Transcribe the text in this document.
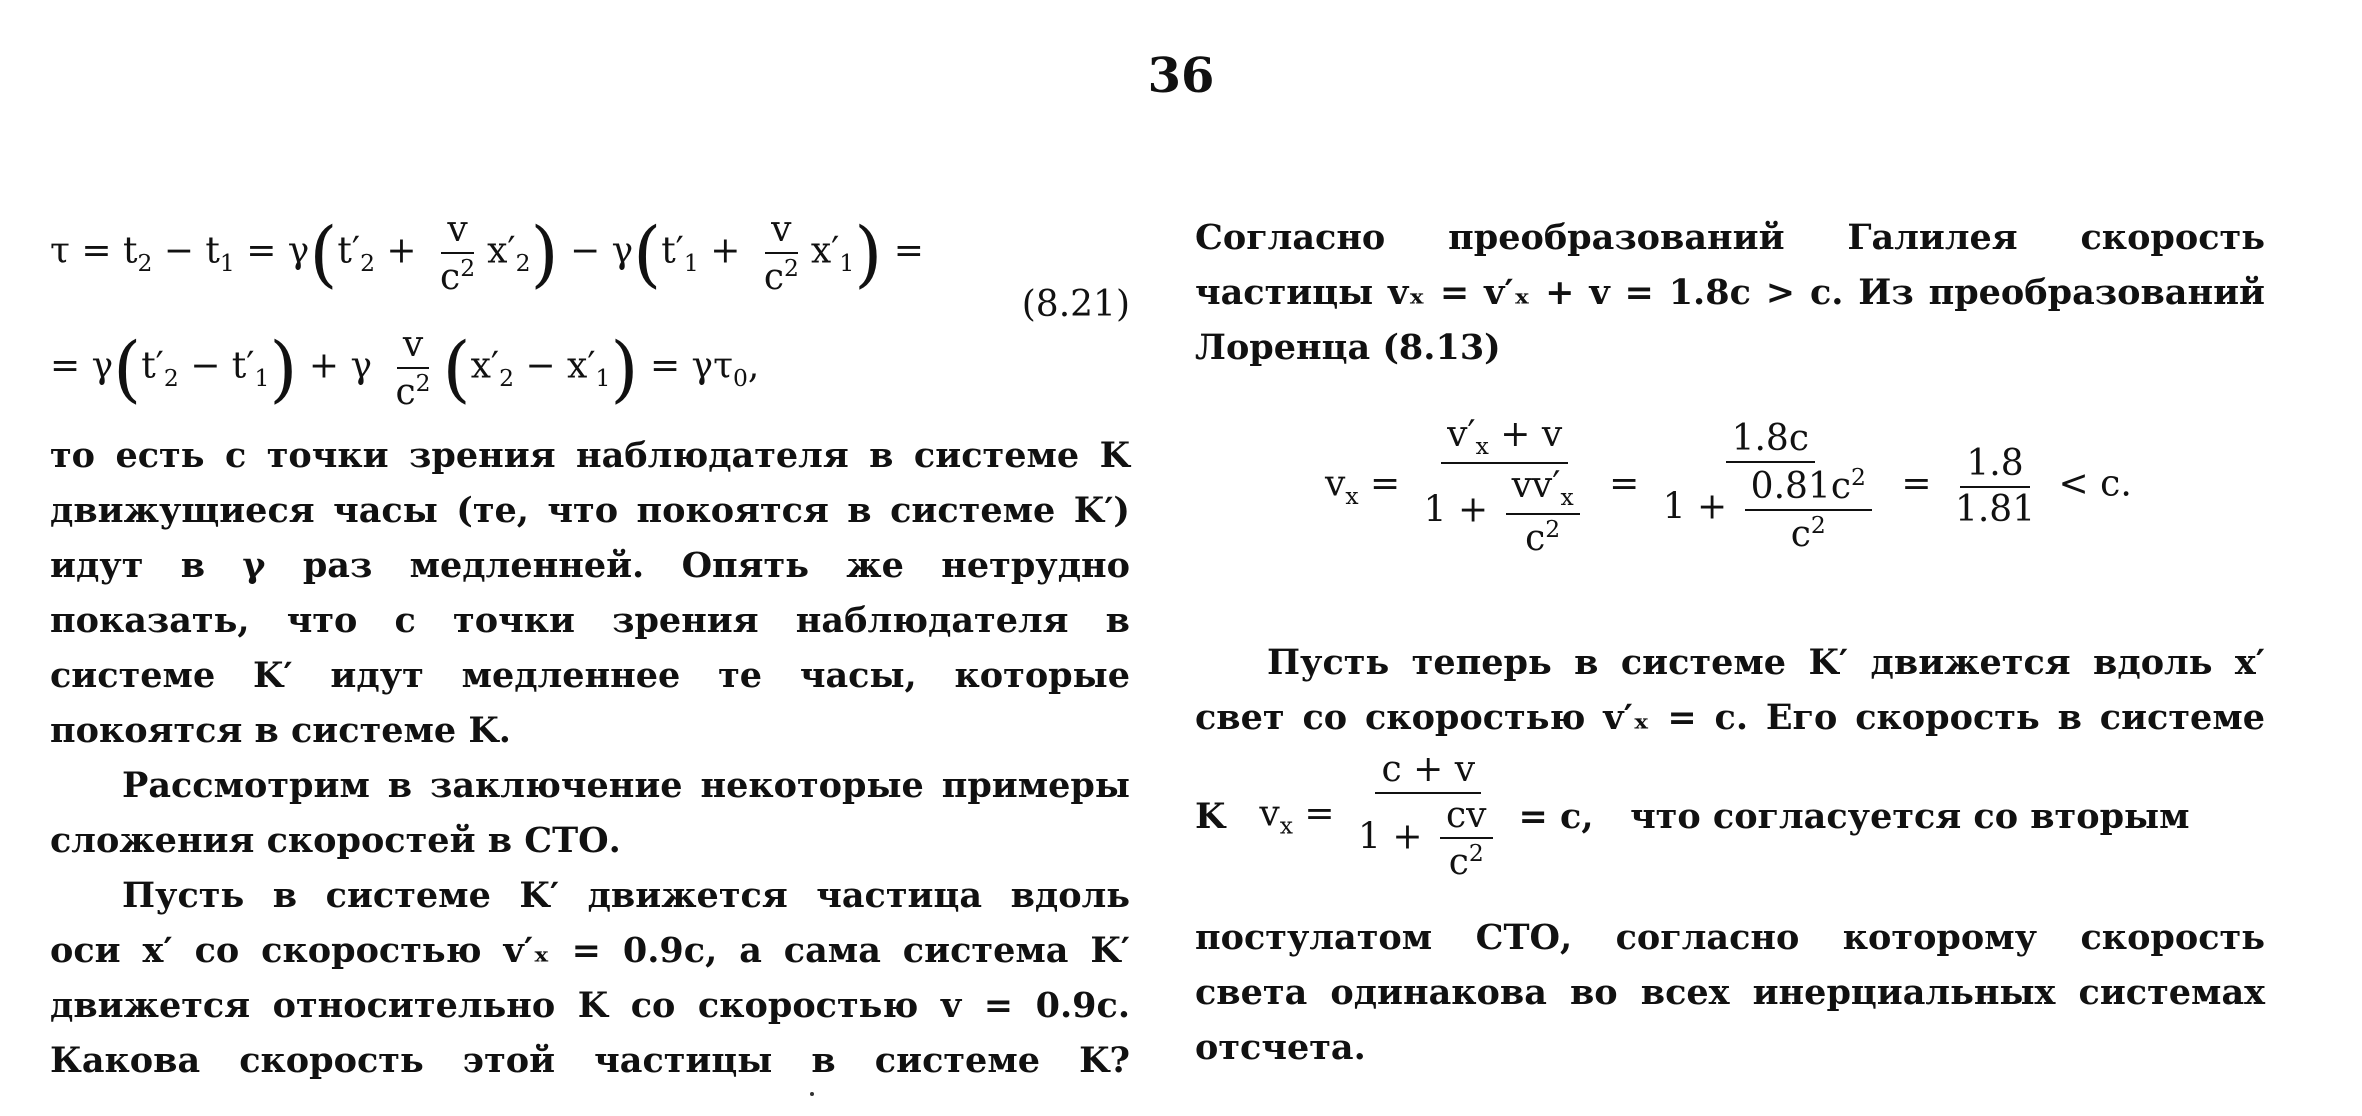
36
$\tau = t_2 - t_1 = \gamma(t'_2 + \frac{v}{c^2} x'_2) - \gamma(t'_1 + \frac{v}{c^2} x'_1)$ =
(8.21)
= $\gamma(t'_2 - t'_1) + \gamma \frac{v}{c^2} (x'_2 - x'_1) = \gamma\tau_0$,
то есть с точки зрения наблюдателя в системе K
движущиеся часы (те, что покоятся в системе K′)
идут в γ раз медленней. Опять же нетрудно
показать, что с точки зрения наблюдателя в
системе K′ идут медленнее те часы, которые
покоятся в системе K.
Рассмотрим в заключение некоторые примеры
сложения скоростей в СТО.
Пусть в системе K′ движется частица вдоль
оси x′ со скоростью v′ₓ = 0.9c, а сама система K′
движется относительно K со скоростью v = 0.9c.
Какова скорость этой частицы в системе K?
Согласно преобразований Галилея скорость
частицы vₓ = v′ₓ + v = 1.8c > c. Из преобразований
Лоренца (8.13)
$v_x = \frac{v'_x + v}{1 + \frac{vv'_x}{c^2}} = \frac{1.8c}{1 + \frac{0.81c^2}{c^2}} = \frac{1.8}{1.81} < c$.
Пусть теперь в системе K′ движется вдоль x′
свет со скоростью v′ₓ = c. Его скорость в системе
K $v_x = \frac{c + v}{1 + \frac{cv}{c^2}} = c$,   что согласуется со вторым
постулатом СТО, согласно которому скорость
света одинакова во всех инерциальных системах
отсчета.
